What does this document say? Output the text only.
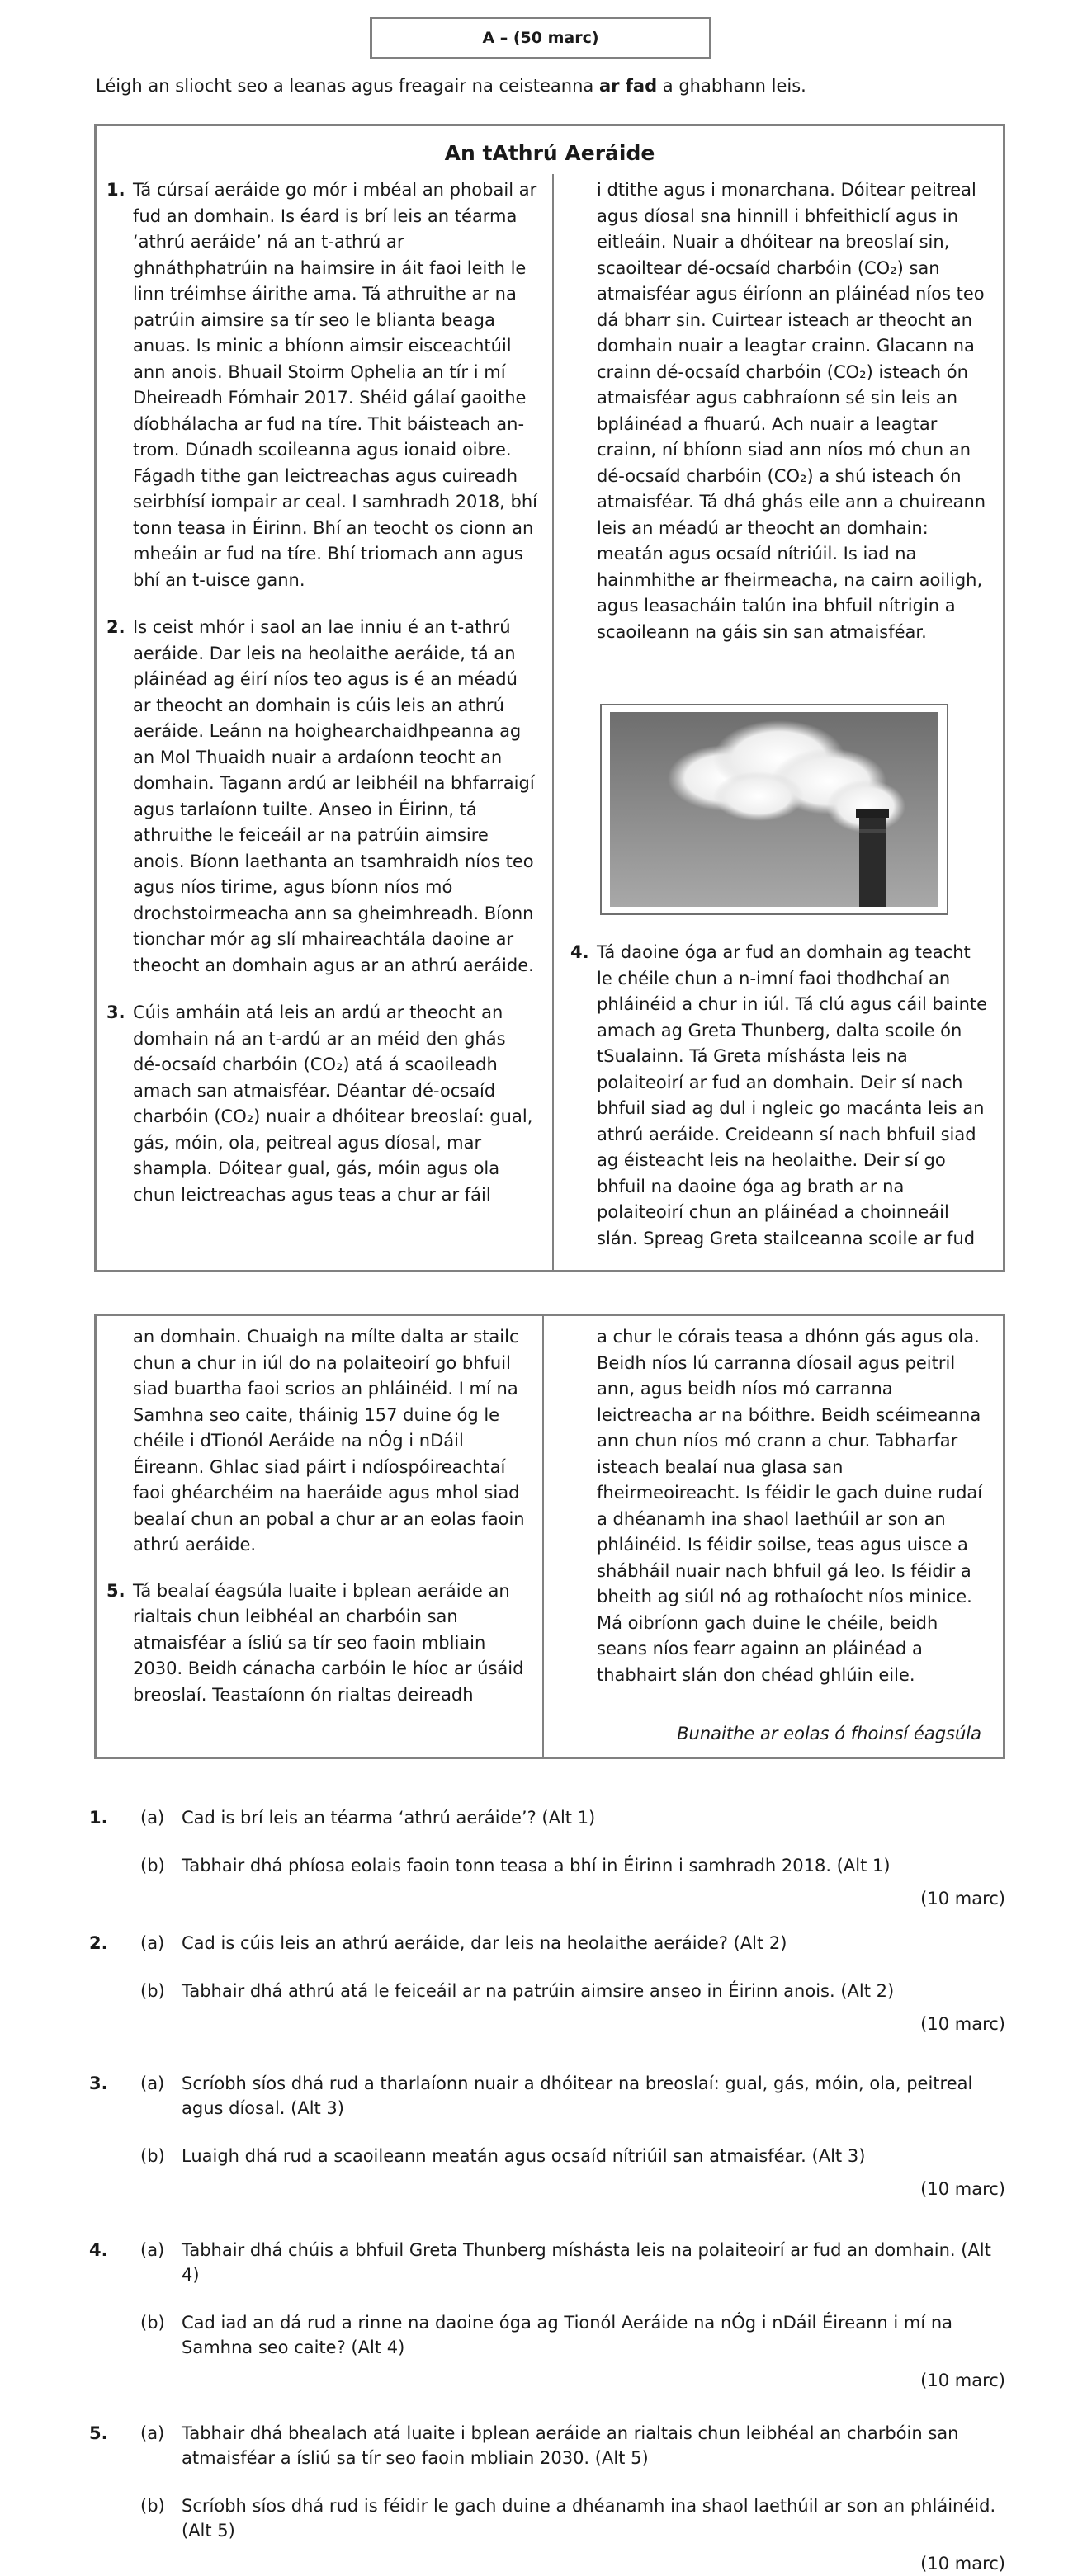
A – (50 marc)
Léigh an sliocht seo a leanas agus freagair na ceisteanna ar fad a ghabhann leis.
An tAthrú Aeráide
1. Tá cúrsaí aeráide go mór i mbéal an phobail ar fud an domhain. Is éard is brí leis an téarma ‘athrú aeráide’ ná an t-athrú ar ghnáthphatrúin na haimsire in áit faoi leith le linn tréimhse áirithe ama. Tá athruithe ar na patrúin aimsire sa tír seo le blianta beaga anuas. Is minic a bhíonn aimsir eisceachtúil ann anois. Bhuail Stoirm Ophelia an tír i mí Dheireadh Fómhair 2017. Shéid gálaí gaoithe díobhálacha ar fud na tíre. Thit báisteach an-trom. Dúnadh scoileanna agus ionaid oibre. Fágadh tithe gan leictreachas agus cuireadh seirbhísí iompair ar ceal. I samhradh 2018, bhí tonn teasa in Éirinn. Bhí an teocht os cionn an mheáin ar fud na tíre. Bhí triomach ann agus bhí an t-uisce gann.

2. Is ceist mhór i saol an lae inniu é an t-athrú aeráide. Dar leis na heolaithe aeráide, tá an pláinéad ag éirí níos teo agus is é an méadú ar theocht an domhain is cúis leis an athrú aeráide. Leánn na hoighearchaidhpeanna ag an Mol Thuaidh nuair a ardaíonn teocht an domhain. Tagann ardú ar leibhéil na bhfarraigí agus tarlaíonn tuilte. Anseo in Éirinn, tá athruithe le feiceáil ar na patrúin aimsire anois. Bíonn laethanta an tsamhraidh níos teo agus níos tirime, agus bíonn níos mó drochstoirmeacha ann sa gheimhreadh. Bíonn tionchar mór ag slí mhaireachtála daoine ar theocht an domhain agus ar an athrú aeráide.

3. Cúis amháin atá leis an ardú ar theocht an domhain ná an t-ardú ar an méid den ghás dé-ocsaíd charbóin (CO₂) atá á scaoileadh amach san atmaisféar. Déantar dé-ocsaíd charbóin (CO₂) nuair a dhóitear breoslaí: gual, gás, móin, ola, peitreal agus díosal, mar shampla. Dóitear gual, gás, móin agus ola chun leictreachas agus teas a chur ar fáil

i dtithe agus i monarchana. Dóitear peitreal agus díosal sna hinnill i bhfeithiclí agus in eitleáin. Nuair a dhóitear na breoslaí sin, scaoiltear dé-ocsaíd charbóin (CO₂) san atmaisféar agus éiríonn an pláinéad níos teo dá bharr sin. Cuirtear isteach ar theocht an domhain nuair a leagtar crainn. Glacann na crainn dé-ocsaíd charbóin (CO₂) isteach ón atmaisféar agus cabhraíonn sé sin leis an bpláinéad a fhuarú. Ach nuair a leagtar crainn, ní bhíonn siad ann níos mó chun an dé-ocsaíd charbóin (CO₂) a shú isteach ón atmaisféar. Tá dhá ghás eile ann a chuireann leis an méadú ar theocht an domhain: meatán agus ocsaíd nítriúil. Is iad na hainmhithe ar fheirmeacha, na cairn aoiligh, agus leasacháin talún ina bhfuil nítrigin a scaoileann na gáis sin san atmaisféar.

4. Tá daoine óga ar fud an domhain ag teacht le chéile chun a n-imní faoi thodhchaí an phláinéid a chur in iúl. Tá clú agus cáil bainte amach ag Greta Thunberg, dalta scoile ón tSualainn. Tá Greta míshásta leis na polaiteoirí ar fud an domhain. Deir sí nach bhfuil siad ag dul i ngleic go macánta leis an athrú aeráide. Creideann sí nach bhfuil siad ag éisteacht leis na heolaithe. Deir sí go bhfuil na daoine óga ag brath ar na polaiteoirí chun an pláinéad a choinneáil slán. Spreag Greta stailceanna scoile ar fud

an domhain. Chuaigh na mílte dalta ar stailc chun a chur in iúl do na polaiteoirí go bhfuil siad buartha faoi scrios an phláinéid. I mí na Samhna seo caite, tháinig 157 duine óg le chéile i dTionól Aeráide na nÓg i nDáil Éireann. Ghlac siad páirt i ndíospóireachtaí faoi ghéarchéim na haeráide agus mhol siad bealaí chun an pobal a chur ar an eolas faoin athrú aeráide.

5. Tá bealaí éagsúla luaite i bplean aeráide an rialtais chun leibhéal an charbóin san atmaisféar a ísliú sa tír seo faoin mbliain 2030. Beidh cánacha carbóin le híoc ar úsáid breoslaí. Teastaíonn ón rialtas deireadh

a chur le córais teasa a dhónn gás agus ola. Beidh níos lú carranna díosail agus peitril ann, agus beidh níos mó carranna leictreacha ar na bóithre. Beidh scéimeanna ann chun níos mó crann a chur. Tabharfar isteach bealaí nua glasa san fheirmeoireacht. Is féidir le gach duine rudaí a dhéanamh ina shaol laethúil ar son an phláinéid. Is féidir soilse, teas agus uisce a shábháil nuair nach bhfuil gá leo. Is féidir a bheith ag siúl nó ag rothaíocht níos minice. Má oibríonn gach duine le chéile, beidh seans níos fearr againn an pláinéad a thabhairt slán don chéad ghlúin eile.

Bunaithe ar eolas ó fhoinsí éagsúla
1. (a) Cad is brí leis an téarma ‘athrú aeráide’? (Alt 1)
(b) Tabhair dhá phíosa eolais faoin tonn teasa a bhí in Éirinn i samhradh 2018. (Alt 1)
(10 marc)
2. (a) Cad is cúis leis an athrú aeráide, dar leis na heolaithe aeráide? (Alt 2)
(b) Tabhair dhá athrú atá le feiceáil ar na patrúin aimsire anseo in Éirinn anois. (Alt 2)
(10 marc)
3. (a) Scríobh síos dhá rud a tharlaíonn nuair a dhóitear na breoslaí: gual, gás, móin, ola, peitreal agus díosal. (Alt 3)
(b) Luaigh dhá rud a scaoileann meatán agus ocsaíd nítriúil san atmaisféar. (Alt 3)
(10 marc)
4. (a) Tabhair dhá chúis a bhfuil Greta Thunberg míshásta leis na polaiteoirí ar fud an domhain. (Alt 4)
(b) Cad iad an dá rud a rinne na daoine óga ag Tionól Aeráide na nÓg i nDáil Éireann i mí na Samhna seo caite? (Alt 4)
(10 marc)
5. (a) Tabhair dhá bhealach atá luaite i bplean aeráide an rialtais chun leibhéal an charbóin san atmaisféar a ísliú sa tír seo faoin mbliain 2030. (Alt 5)
(b) Scríobh síos dhá rud is féidir le gach duine a dhéanamh ina shaol laethúil ar son an phláinéid. (Alt 5)
(10 marc)
